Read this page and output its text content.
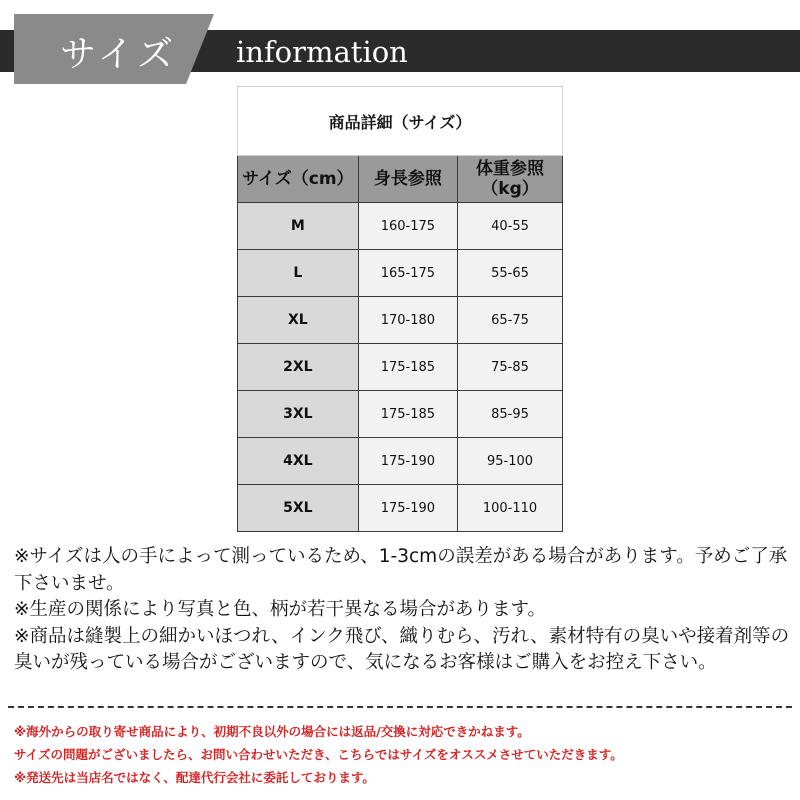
サイズ information
商品詳細（サイズ）		
サイズ（cm）	身長参照	体重参照
（kg）
M	160-175	40-55
L	165-175	55-65
XL	170-180	65-75
2XL	175-185	75-85
3XL	175-185	85-95
4XL	175-190	95-100
5XL	175-190	100-110

※サイズは人の手によって測っているため、1-3cmの誤差がある場合があります。予めご了承下さいませ。

※生産の関係により写真と色、柄が若干異なる場合があります。

※商品は縫製上の細かいほつれ、インク飛び、織りむら、汚れ、素材特有の臭いや接着剤等の臭いが残っている場合がございますので、気になるお客様はご購入をお控え下さい。

※海外からの取り寄せ商品により、初期不良以外の場合には返品/交換に対応できかねます。

サイズの問題がございましたら、お問い合わせいただき、こちらではサイズをオススメさせていただきます。

※発送先は当店名ではなく、配達代行会社に委託しております。
